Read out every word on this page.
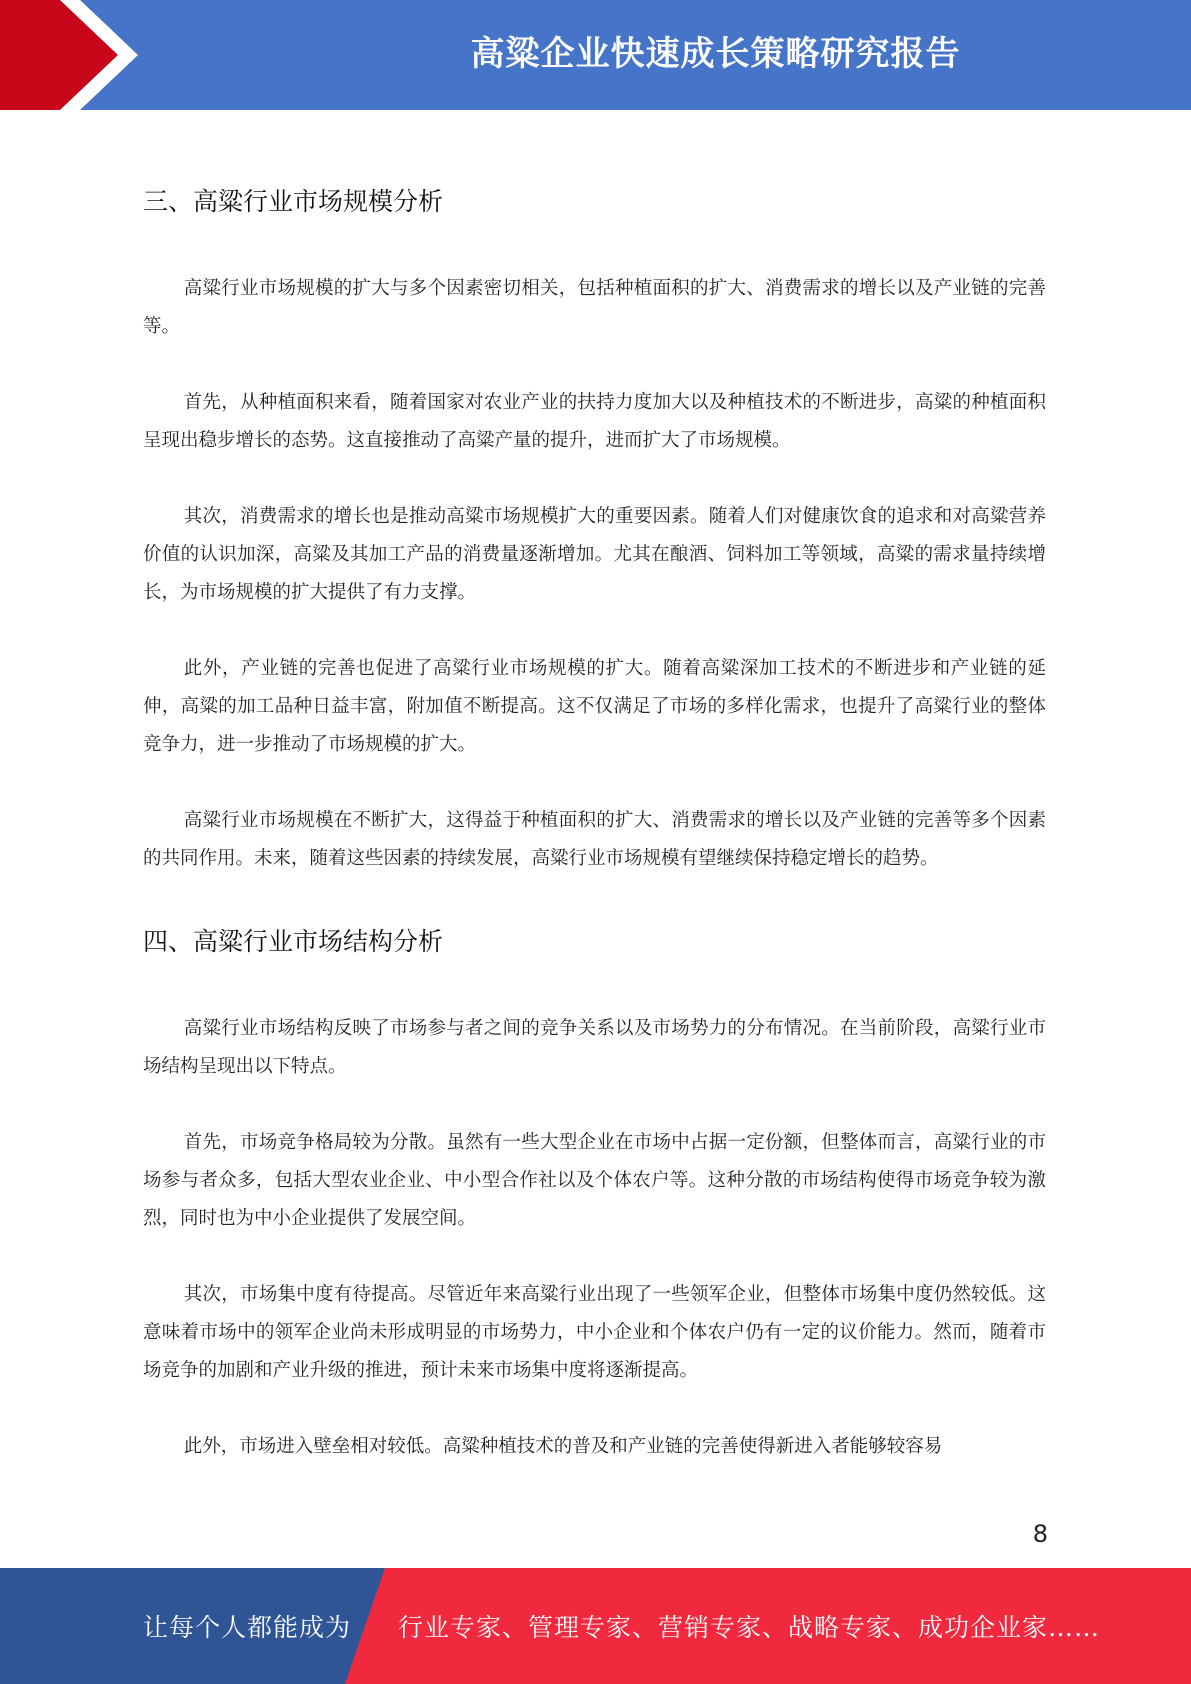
高粱企业快速成长策略研究报告
三、高粱行业市场规模分析

高粱行业市场规模的扩大与多个因素密切相关，包括种植面积的扩大、消费需求的增长以及产业链的完善等。

首先，从种植面积来看，随着国家对农业产业的扶持力度加大以及种植技术的不断进步，高粱的种植面积呈现出稳步增长的态势。这直接推动了高粱产量的提升，进而扩大了市场规模。

其次，消费需求的增长也是推动高粱市场规模扩大的重要因素。随着人们对健康饮食的追求和对高粱营养价值的认识加深，高粱及其加工产品的消费量逐渐增加。尤其在酿酒、饲料加工等领域，高粱的需求量持续增长，为市场规模的扩大提供了有力支撑。

此外，产业链的完善也促进了高粱行业市场规模的扩大。随着高粱深加工技术的不断进步和产业链的延伸，高粱的加工品种日益丰富，附加值不断提高。这不仅满足了市场的多样化需求，也提升了高粱行业的整体竞争力，进一步推动了市场规模的扩大。

高粱行业市场规模在不断扩大，这得益于种植面积的扩大、消费需求的增长以及产业链的完善等多个因素的共同作用。未来，随着这些因素的持续发展，高粱行业市场规模有望继续保持稳定增长的趋势。

四、高粱行业市场结构分析

高粱行业市场结构反映了市场参与者之间的竞争关系以及市场势力的分布情况。在当前阶段，高粱行业市场结构呈现出以下特点。

首先，市场竞争格局较为分散。虽然有一些大型企业在市场中占据一定份额，但整体而言，高粱行业的市场参与者众多，包括大型农业企业、中小型合作社以及个体农户等。这种分散的市场结构使得市场竞争较为激烈，同时也为中小企业提供了发展空间。

其次，市场集中度有待提高。尽管近年来高粱行业出现了一些领军企业，但整体市场集中度仍然较低。这意味着市场中的领军企业尚未形成明显的市场势力，中小企业和个体农户仍有一定的议价能力。然而，随着市场竞争的加剧和产业升级的推进，预计未来市场集中度将逐渐提高。

此外，市场进入壁垒相对较低。高粱种植技术的普及和产业链的完善使得新进入者能够较容易

8
让每个人都能成为 行业专家、管理专家、营销专家、战略专家、成功企业家……
